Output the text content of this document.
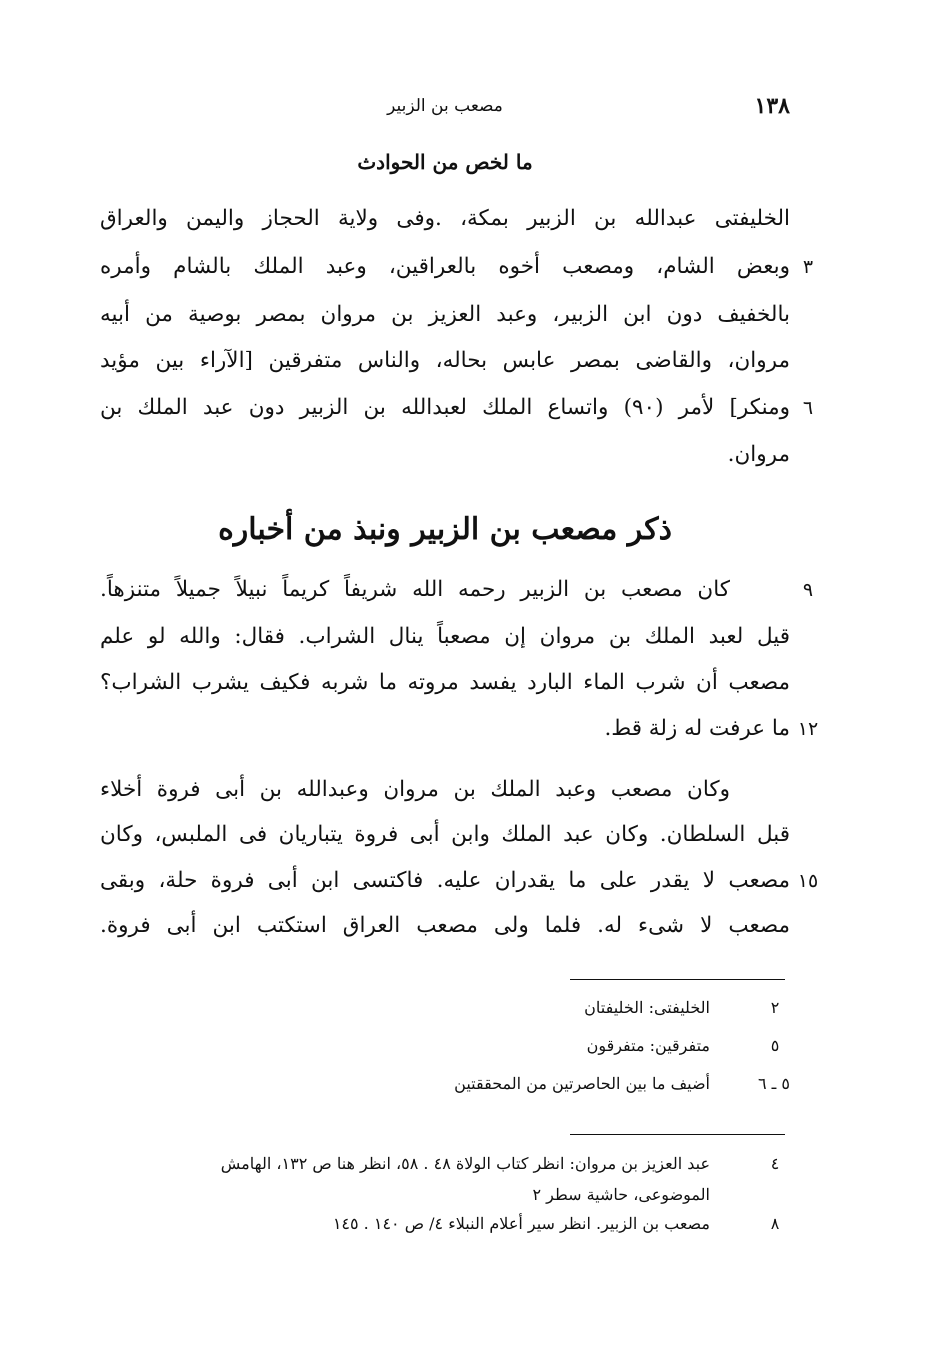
١٣٨
مصعب بن الزبير
ما لخص من الحوادث
الخليفتى عبدالله بن الزبير بمكة، .وفى ولاية الحجاز واليمن والعراق
وبعض الشام، ومصعب أخوه بالعراقين، وعبد الملك بالشام وأمره ٣
بالخفيف دون ابن الزبير، وعبد العزيز بن مروان بمصر بوصية من أبيه
مروان، والقاضى بمصر عابس بحاله، والناس متفرقين [الآراء بين مؤيد
ومنكر] لأمر (٩٠) واتساع الملك لعبدالله بن الزبير دون عبد الملك بن ٦
مروان.
ذكر مصعب بن الزبير ونبذ من أخباره
كان مصعب بن الزبير رحمه الله شريفاً كريماً نبيلاً جميلاً متنزهاً.	٩
قيل لعبد الملك بن مروان إن مصعباً ينال الشراب. فقال: والله لو علم
مصعب أن شرب الماء البارد يفسد مروته ما شربه فكيف يشرب الشراب؟
ما عرفت له زلة قط. ١٢
وكان مصعب وعبد الملك بن مروان وعبدالله بن أبى فروة أخلاء
قبل السلطان. وكان عبد الملك وابن أبى فروة يتباريان فى الملبس، وكان
مصعب لا يقدر على ما يقدران عليه. فاكتسى ابن أبى فروة حلة، وبقى ١٥
مصعب لا شىء له. فلما ولى مصعب العراق استكتب ابن أبى فروة.
٢
الخليفتى: الخليفتان
٥
متفرقين: متفرقون
٥ ـ ٦
أضيف ما بين الحاصرتين من المحققتين
٤
عبد العزيز بن مروان: انظر كتاب الولاة ٤٨ . ٥٨، انظر هنا ص ١٣٢، الهامش
الموضوعى، حاشية سطر ٢
٨
مصعب بن الزبير. انظر سير أعلام النبلاء ٤/ ص ١٤٠ . ١٤٥
